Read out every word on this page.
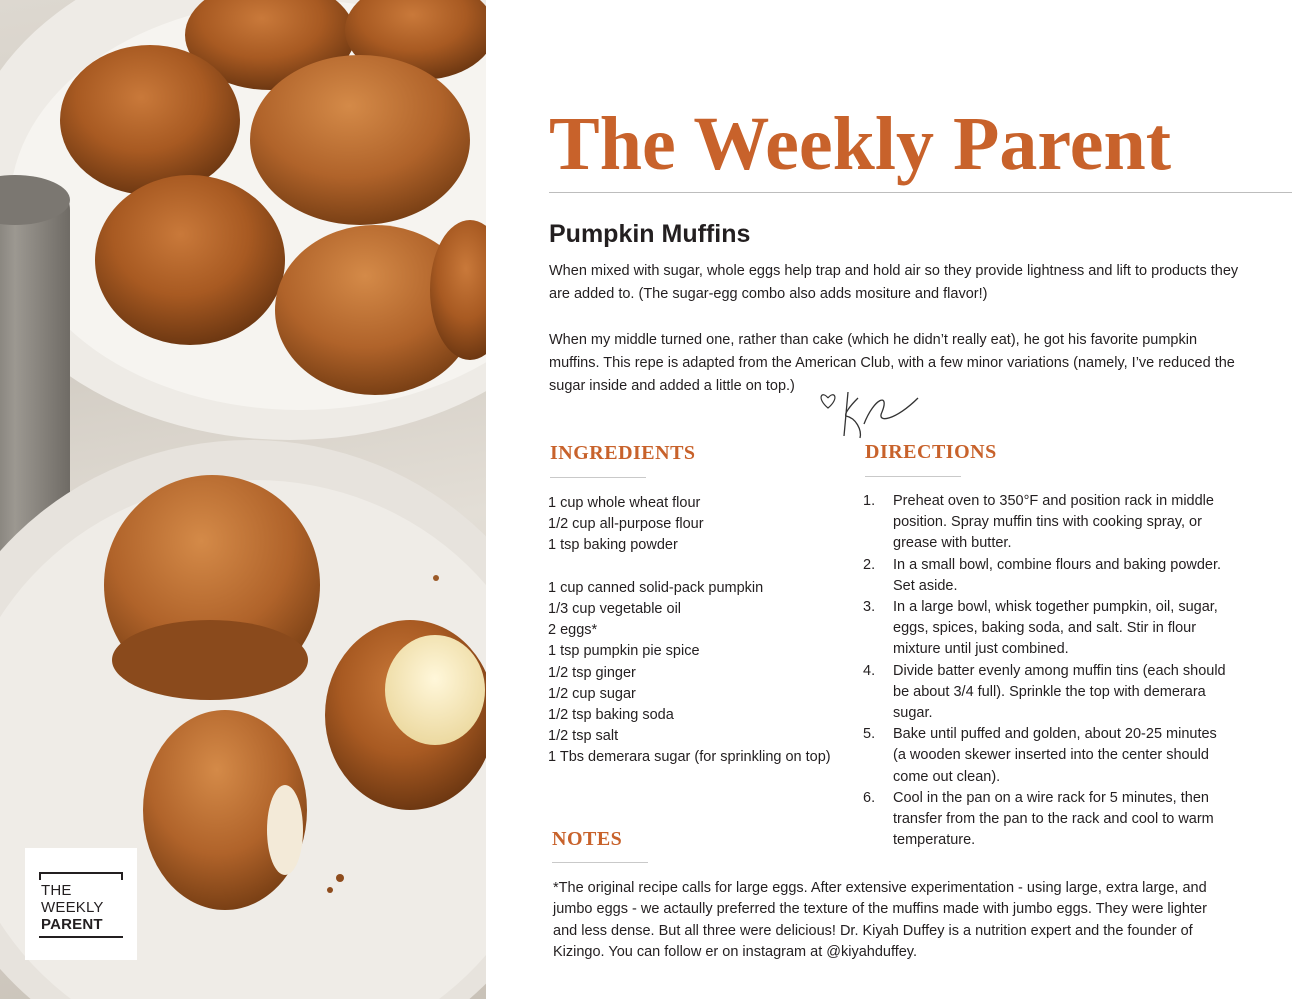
THE
WEEKLY
PARENT
The Weekly Parent
Pumpkin Muffins

When mixed with sugar, whole eggs help trap and hold air so they provide lightness and lift to products they are added to. (The sugar-egg combo also adds mositure and flavor!)

When my middle turned one, rather than cake (which he didn’t really eat), he got his favorite pumpkin muffins. This repe is adapted from the American Club, with a few minor variations (namely, I’ve reduced the sugar inside and added a little on top.)

INGREDIENTS
1 cup whole wheat flour
1/2 cup all-purpose flour
1 tsp baking powder
1 cup canned solid-pack pumpkin
1/3 cup vegetable oil
2 eggs*
1 tsp pumpkin pie spice
1/2 tsp ginger
1/2 cup sugar
1/2 tsp baking soda
1/2 tsp salt
1 Tbs demerara sugar (for sprinkling on top)
DIRECTIONS
1. Preheat oven to 350°F and position rack in middle position. Spray muffin tins with cooking spray, or grease with butter.
2. In a small bowl, combine flours and baking powder. Set aside.
3. In a large bowl, whisk together pumpkin, oil, sugar, eggs, spices, baking soda, and salt. Stir in flour mixture until just combined.
4. Divide batter evenly among muffin tins (each should be about 3/4 full). Sprinkle the top with demerara sugar.
5. Bake until puffed and golden, about 20-25 minutes (a wooden skewer inserted into the center should come out clean).
6. Cool in the pan on a wire rack for 5 minutes, then transfer from the pan to the rack and cool to warm temperature.
NOTES

*The original recipe calls for large eggs. After extensive experimentation - using large, extra large, and jumbo eggs - we actaully preferred the texture of the muffins made with jumbo eggs. They were lighter and less dense. But all three were delicious! Dr. Kiyah Duffey is a nutrition expert and the founder of Kizingo. You can follow er on instagram at @kiyahduffey.
